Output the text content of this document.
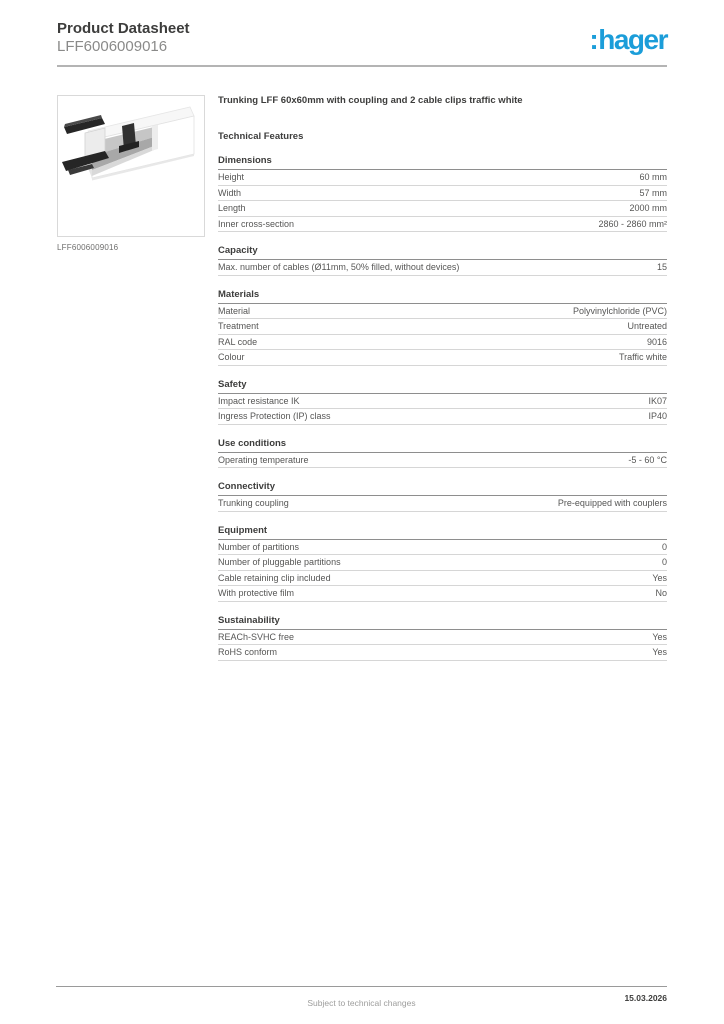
Product Datasheet
LFF6006009016	:hager
LFF6006009016
Trunking LFF 60x60mm with coupling and 2 cable clips traffic white
Technical Features
Dimensions
Height	60 mm
Width	57 mm
Length	2000 mm
Inner cross-section	2860 - 2860 mm²
Capacity
Max. number of cables (Ø11mm, 50% filled, without devices)	15
Materials
Material	Polyvinylchloride (PVC)
Treatment	Untreated
RAL code	9016
Colour	Traffic white
Safety
Impact resistance IK	IK07
Ingress Protection (IP) class	IP40
Use conditions
Operating temperature	-5 - 60 °C
Connectivity
Trunking coupling	Pre-equipped with couplers
Equipment
Number of partitions	0
Number of pluggable partitions	0
Cable retaining clip included	Yes
With protective film	No
Sustainability
REACh-SVHC free	Yes
RoHS conform	Yes
Subject to technical changes	15.03.2026
